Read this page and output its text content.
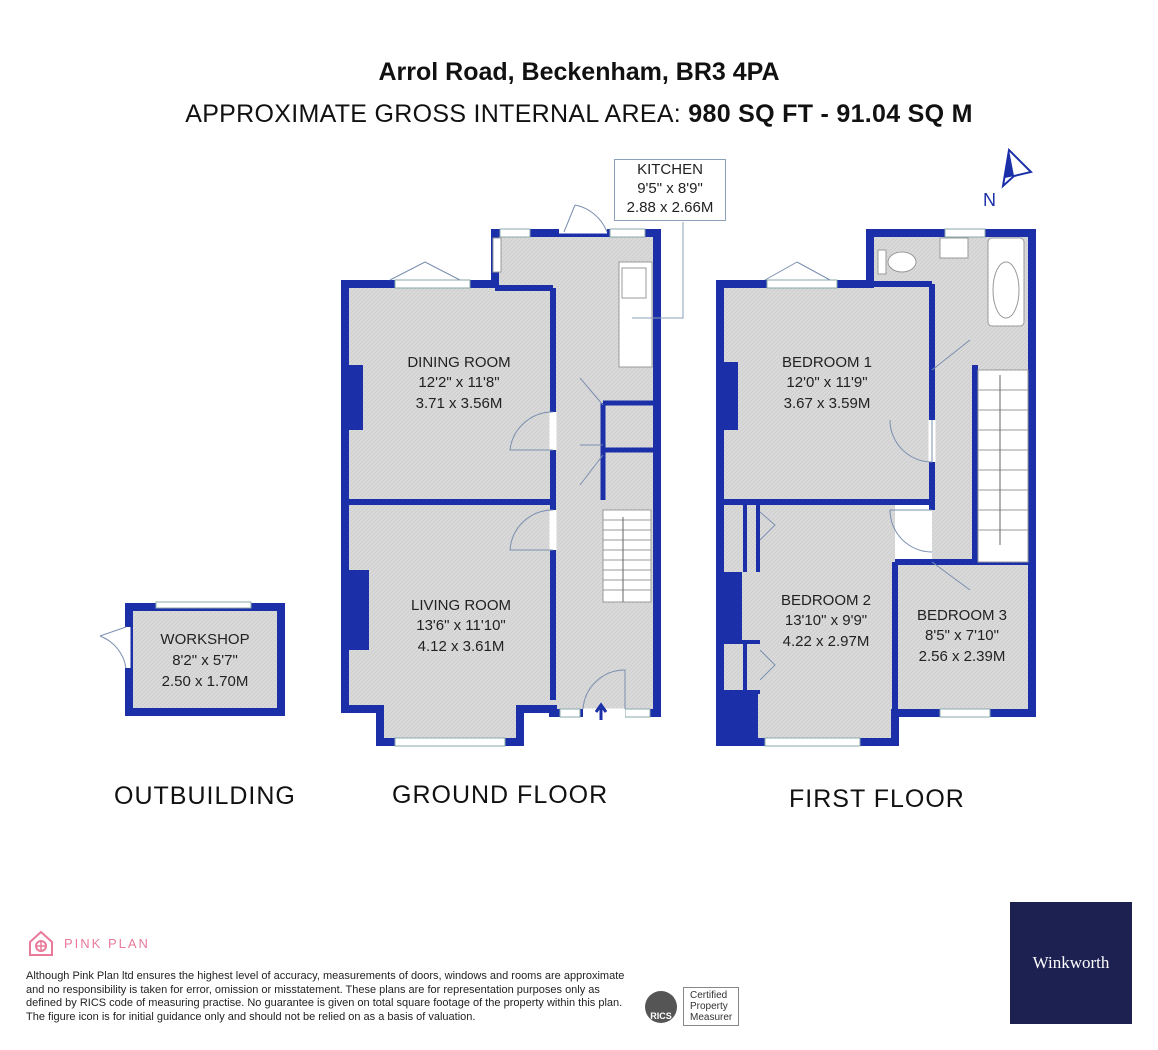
Arrol Road, Beckenham, BR3 4PA
APPROXIMATE GROSS INTERNAL AREA: 980 SQ FT - 91.04 SQ M
DINING ROOM
12'2" x 11'8"
3.71 x 3.56M
LIVING ROOM
13'6" x 11'10"
4.12 x 3.61M
WORKSHOP
8'2" x 5'7"
2.50 x 1.70M
BEDROOM 1
12'0" x 11'9"
3.67 x 3.59M
BEDROOM 2
13'10" x 9'9"
4.22 x 2.97M
BEDROOM 3
8'5" x 7'10"
2.56 x 2.39M
KITCHEN
9'5" x 8'9"
2.88 x 2.66M	N
OUTBUILDING	GROUND FLOOR	FIRST FLOOR
PINK PLAN
Although Pink Plan ltd ensures the highest level of accuracy, measurements of doors, windows and rooms are approximate and no responsibility is taken for error, omission or misstatement. These plans are for representation purposes only as defined by RICS code of measuring practise. No guarantee is given on total square footage of the property within this plan. The figure icon is for initial guidance only and should not be relied on as a basis of valuation.	RICS
Certified
Property
Measurer
Winkworth
